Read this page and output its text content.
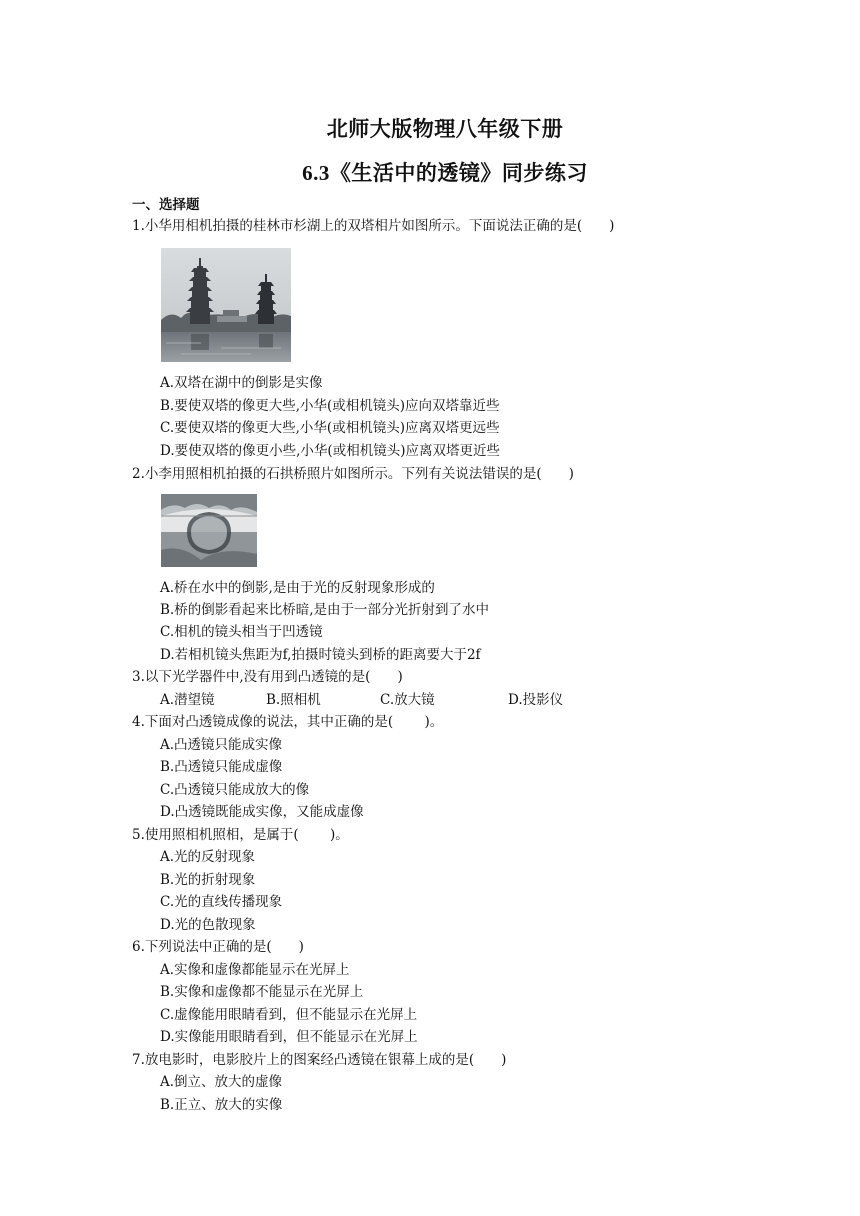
北师大版物理八年级下册
6.3《生活中的透镜》同步练习
一、选择题
1.小华用相机拍摄的桂林市杉湖上的双塔相片如图所示。下面说法正确的是(　　)
A.双塔在湖中的倒影是实像
B.要使双塔的像更大些,小华(或相机镜头)应向双塔靠近些
C.要使双塔的像更大些,小华(或相机镜头)应离双塔更远些
D.要使双塔的像更小些,小华(或相机镜头)应离双塔更近些
2.小李用照相机拍摄的石拱桥照片如图所示。下列有关说法错误的是(　　)
A.桥在水中的倒影,是由于光的反射现象形成的
B.桥的倒影看起来比桥暗,是由于一部分光折射到了水中
C.相机的镜头相当于凹透镜
D.若相机镜头焦距为f,拍摄时镜头到桥的距离要大于2f
3.以下光学器件中,没有用到凸透镜的是(　　)
A.潜望镜	B.照相机	C.放大镜	D.投影仪
4.下面对凸透镜成像的说法，其中正确的是(　　 )。
A.凸透镜只能成实像
B.凸透镜只能成虚像
C.凸透镜只能成放大的像
D.凸透镜既能成实像，又能成虚像
5.使用照相机照相，是属于(　　 )。
A.光的反射现象
B.光的折射现象
C.光的直线传播现象
D.光的色散现象
6.下列说法中正确的是(　　)
A.实像和虚像都能显示在光屏上
B.实像和虚像都不能显示在光屏上
C.虚像能用眼睛看到，但不能显示在光屏上
D.实像能用眼睛看到，但不能显示在光屏上
7.放电影时，电影胶片上的图案经凸透镜在银幕上成的是(　　)
A.倒立、放大的虚像
B.正立、放大的实像
